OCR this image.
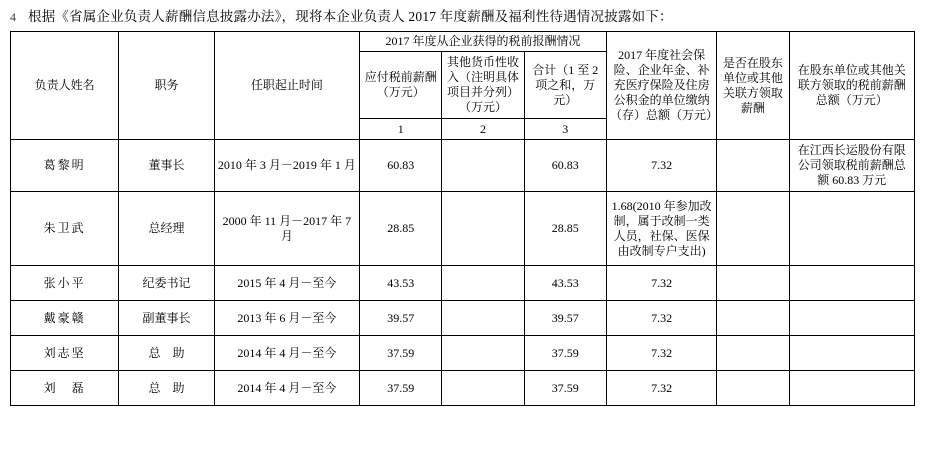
4 根据《省属企业负责人薪酬信息披露办法》，现将本企业负责人 2017 年度薪酬及福利性待遇情况披露如下：
负责人姓名	职务	任职起止时间	2017 年度从企业获得的税前报酬情况			2017 年度社会保险、企业年金、补充医疗保险及住房公积金的单位缴纳（存）总额（万元）	是否在股东单位或其他关联方领取薪酬	在股东单位或其他关联方领取的税前薪酬总额（万元）
			应付税前薪酬（万元）	其他货币性收入（注明具体项目并分列）（万元）	合计（1 至 2 项之和，万元）			
			1	2	3			
葛黎明	董事长	2010 年 3 月－2019 年 1 月	60.83		60.83	7.32		在江西长运股份有限公司领取税前薪酬总额 60.83 万元
朱卫武	总经理	2000 年 11 月－2017 年 7 月	28.85		28.85	1.68(2010 年参加改制，属于改制一类人员，社保、医保由改制专户支出)		
张小平	纪委书记	2015 年 4 月－至今	43.53		43.53	7.32		
戴豪赣	副董事长	2013 年 6 月－至今	39.57		39.57	7.32		
刘志坚	总　助	2014 年 4 月－至今	37.59		37.59	7.32		
刘　磊	总　助	2014 年 4 月－至今	37.59		37.59	7.32		
